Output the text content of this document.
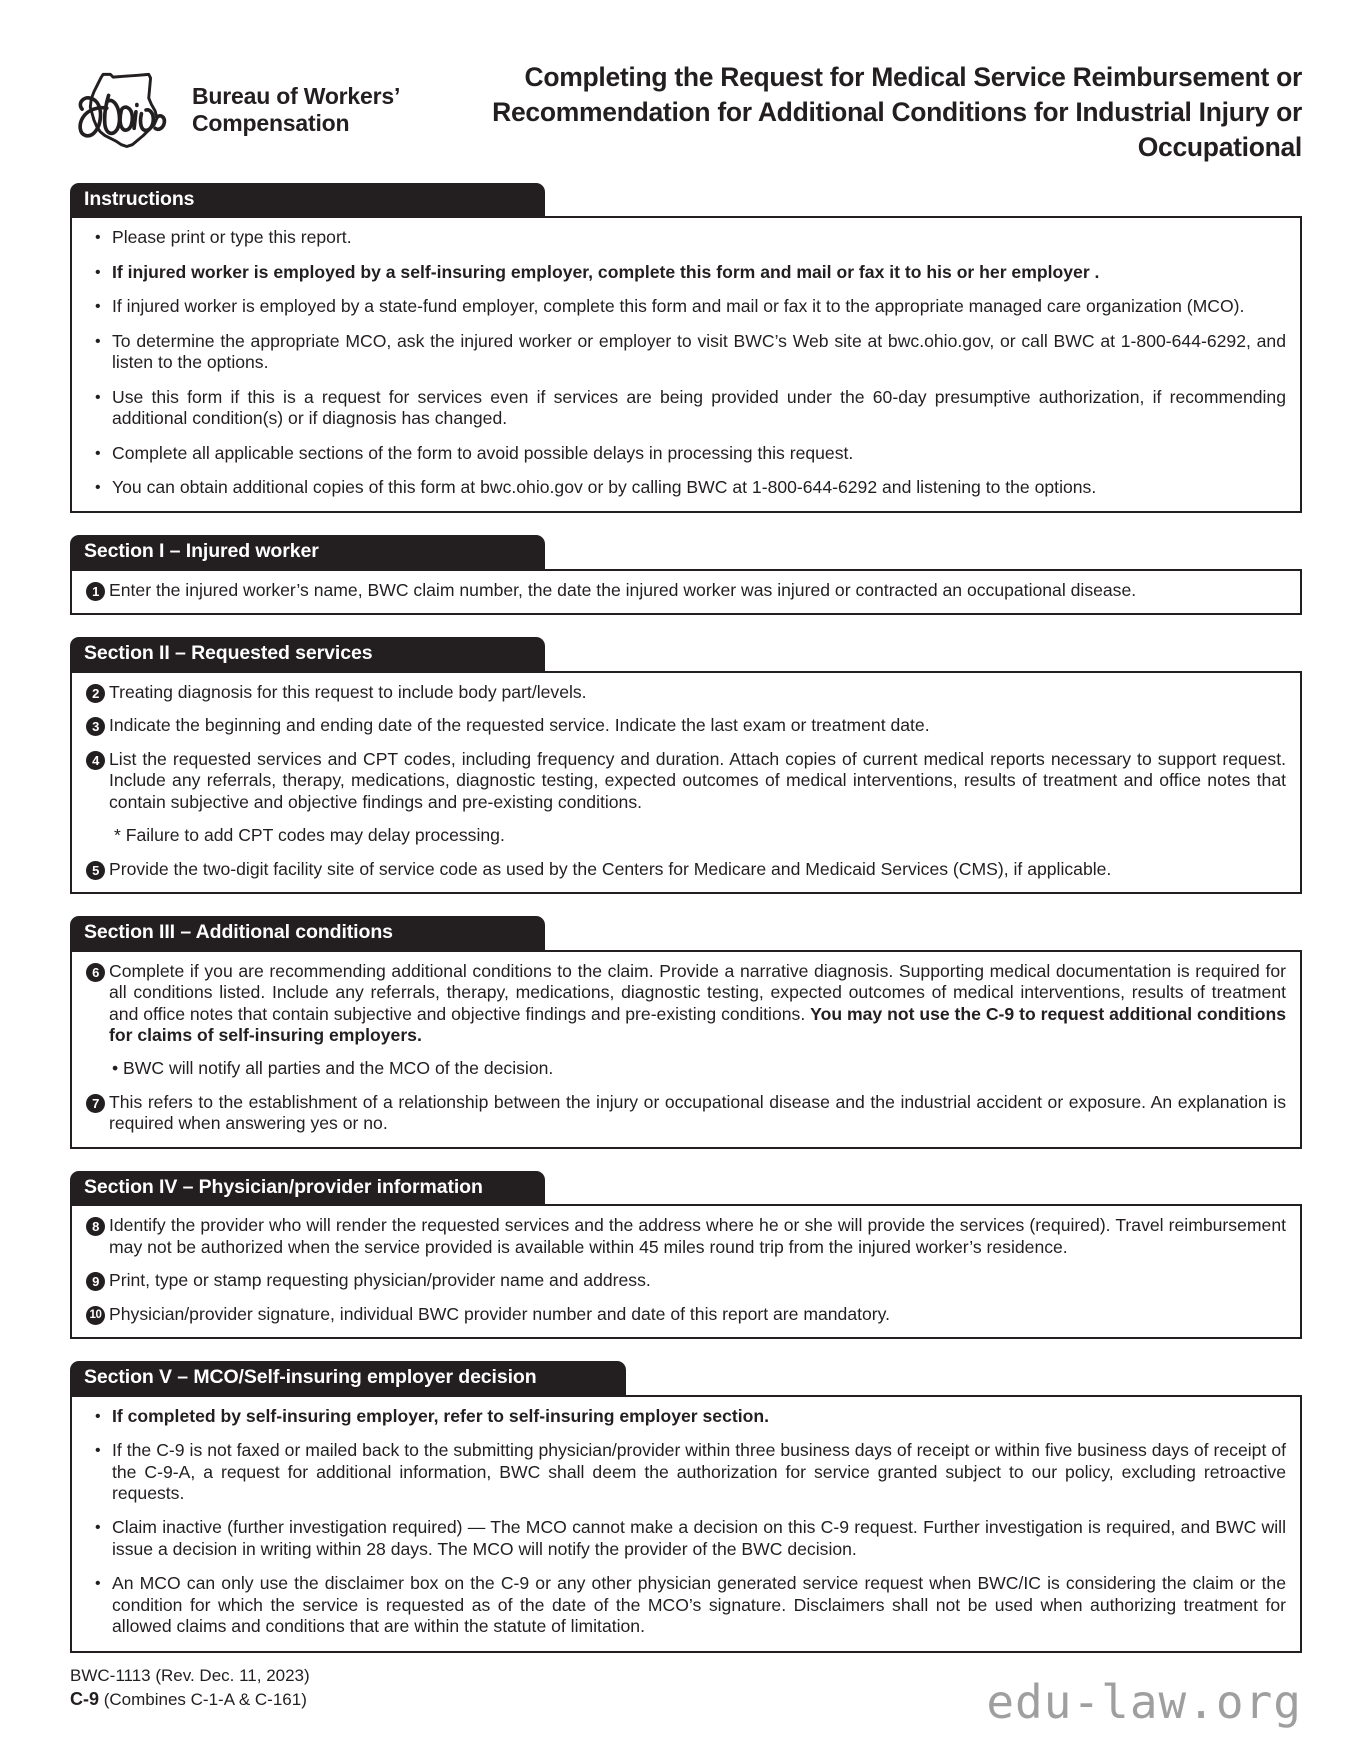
Bureau of Workers’
Compensation
Completing the Request for Medical Service Reimbursement or Recommendation for Additional Conditions for Industrial Injury or Occupational
Instructions
• Please print or type this report.
• If injured worker is employed by a self-insuring employer, complete this form and mail or fax it to his or her employer .
• If injured worker is employed by a state-fund employer, complete this form and mail or fax it to the appropriate managed care organization (MCO).
• To determine the appropriate MCO, ask the injured worker or employer to visit BWC’s Web site at bwc.ohio.gov, or call BWC at 1-800-644-6292, and listen to the options.
• Use this form if this is a request for services even if services are being provided under the 60-day presumptive authorization, if recommending additional condition(s) or if diagnosis has changed.
• Complete all applicable sections of the form to avoid possible delays in processing this request.
• You can obtain additional copies of this form at bwc.ohio.gov or by calling BWC at 1-800-644-6292 and listening to the options.
Section I – Injured worker
1 Enter the injured worker’s name, BWC claim number, the date the injured worker was injured or contracted an occupational disease.
Section II – Requested services
2 Treating diagnosis for this request to include body part/levels.
3 Indicate the beginning and ending date of the requested service. Indicate the last exam or treatment date.
4 List the requested services and CPT codes, including frequency and duration. Attach copies of current medical reports necessary to support request. Include any referrals, therapy, medications, diagnostic testing, expected outcomes of medical interventions, results of treatment and office notes that contain subjective and objective findings and pre-existing conditions.
* Failure to add CPT codes may delay processing.
5 Provide the two-digit facility site of service code as used by the Centers for Medicare and Medicaid Services (CMS), if applicable.
Section III – Additional conditions
6 Complete if you are recommending additional conditions to the claim. Provide a narrative diagnosis. Supporting medical documentation is required for all conditions listed. Include any referrals, therapy, medications, diagnostic testing, expected outcomes of medical interventions, results of treatment and office notes that contain subjective and objective findings and pre-existing conditions. You may not use the C-9 to request additional conditions for claims of self-insuring employers.
• BWC will notify all parties and the MCO of the decision.
7 This refers to the establishment of a relationship between the injury or occupational disease and the industrial accident or exposure. An explanation is required when answering yes or no.
Section IV – Physician/provider information
8 Identify the provider who will render the requested services and the address where he or she will provide the services (required). Travel reimbursement may not be authorized when the service provided is available within 45 miles round trip from the injured worker’s residence.
9 Print, type or stamp requesting physician/provider name and address.
10 Physician/provider signature, individual BWC provider number and date of this report are mandatory.
Section V – MCO/Self-insuring employer decision
• If completed by self-insuring employer, refer to self-insuring employer section.
• If the C-9 is not faxed or mailed back to the submitting physician/provider within three business days of receipt or within five business days of receipt of the C-9-A, a request for additional information, BWC shall deem the authorization for service granted subject to our policy, excluding retroactive requests.
• Claim inactive (further investigation required) — The MCO cannot make a decision on this C-9 request. Further investigation is required, and BWC will issue a decision in writing within 28 days. The MCO will notify the provider of the BWC decision.
• An MCO can only use the disclaimer box on the C-9 or any other physician generated service request when BWC/IC is considering the claim or the condition for which the service is requested as of the date of the MCO’s signature. Disclaimers shall not be used when authorizing treatment for allowed claims and conditions that are within the statute of limitation.
BWC-1113 (Rev. Dec. 11, 2023)
C-9 (Combines C-1-A & C-161)	edu-law.org
